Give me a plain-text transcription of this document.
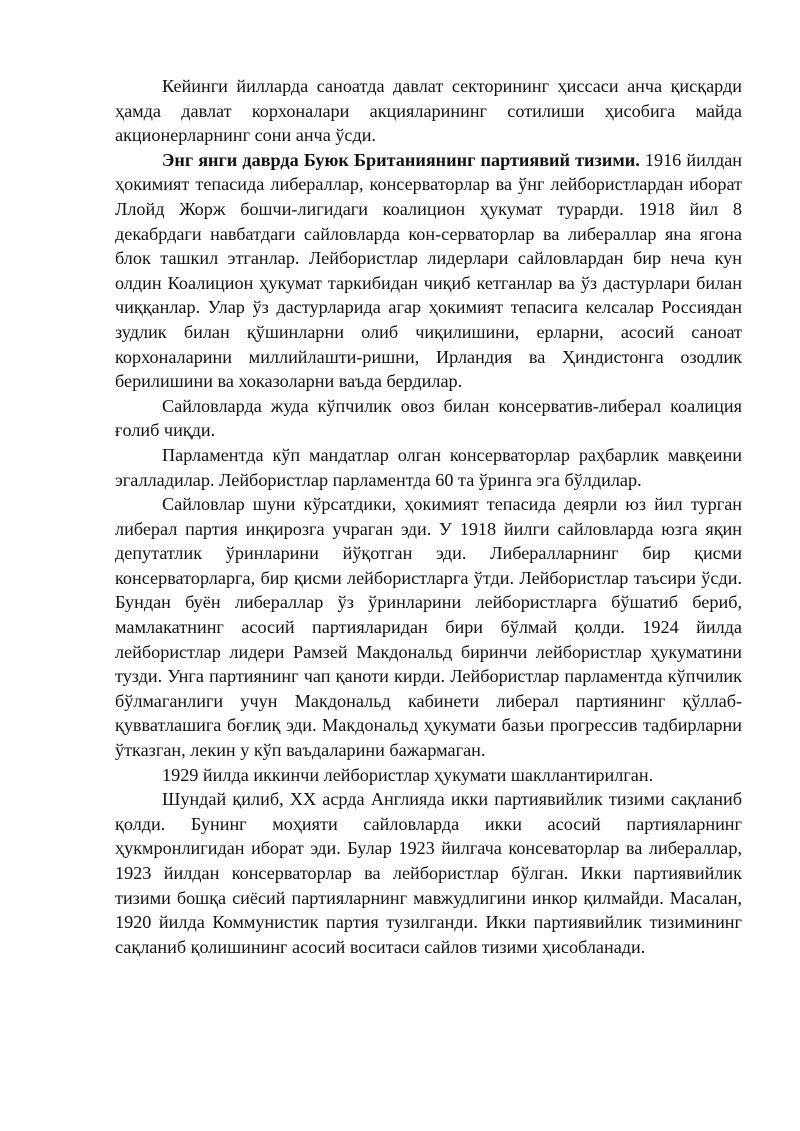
Кейинги йилларда саноатда давлат секторининг ҳиссаси анча қисқарди ҳамда давлат корхоналари акцияларининг сотилиши ҳисобига майда акционерларнинг сони анча ўсди.

Энг янги даврда Буюк Британиянинг партиявий тизими. 1916 йилдан ҳокимият тепасида либераллар, консерваторлар ва ўнг лейбористлардан иборат Ллойд Жорж бошчи-лигидаги коалицион ҳукумат турарди. 1918 йил 8 декабрдаги навбатдаги сайловларда кон-серваторлар ва либераллар яна ягона блок ташкил этганлар. Лейбористлар лидерлари сайловлардан бир неча кун олдин Коалицион ҳукумат таркибидан чиқиб кетганлар ва ўз дастурлари билан чиққанлар. Улар ўз дастурларида агар ҳокимият тепасига келсалар Россиядан зудлик билан қўшинларни олиб чиқилишини, ерларни, асосий саноат корхоналарини миллийлашти-ришни, Ирландия ва Ҳиндистонга озодлик берилишини ва хоказоларни ваъда бердилар.

Сайловларда жуда кўпчилик овоз билан консерватив-либерал коалиция ғолиб чиқди.

Парламентда кўп мандатлар олган консерваторлар раҳбарлик мавқеини эгалладилар. Лейбористлар парламентда 60 та ўринга эга бўлдилар.

Сайловлар шуни кўрсатдики, ҳокимият тепасида деярли юз йил турган либерал партия инқирозга учраган эди. У 1918 йилги сайловларда юзга яқин депутатлик ўринларини йўқотган эди. Либералларнинг бир қисми консерваторларга, бир қисми лейбористларга ўтди. Лейбористлар таъсири ўсди. Бундан буён либераллар ўз ўринларини лейбористларга бўшатиб бериб, мамлакатнинг асосий партияларидан бири бўлмай қолди. 1924 йилда лейбористлар лидери Рамзей Макдональд биринчи лейбористлар ҳукуматини тузди. Унга партиянинг чап қаноти кирди. Лейбористлар парламентда кўпчилик бўлмаганлиги учун Макдональд кабинети либерал партиянинг қўллаб-қувватлашига боғлиқ эди. Макдональд ҳукумати базьи прогрессив тадбирларни ўтказган, лекин у кўп ваъдаларини бажармаган.

1929 йилда иккинчи лейбористлар ҳукумати шакллантирилган.

Шундай қилиб, XX асрда Англияда икки партиявийлик тизими сақланиб қолди. Бунинг моҳияти сайловларда икки асосий партияларнинг ҳукмронлигидан иборат эди. Булар 1923 йилгача консеваторлар ва либераллар, 1923 йилдан консерваторлар ва лейбористлар бўлган. Икки партиявийлик тизими бошқа сиёсий партияларнинг мавжудлигини инкор қилмайди. Масалан, 1920 йилда Коммунистик партия тузилганди. Икки партиявийлик тизимининг сақланиб қолишининг асосий воситаси сайлов тизими ҳисобланади.
